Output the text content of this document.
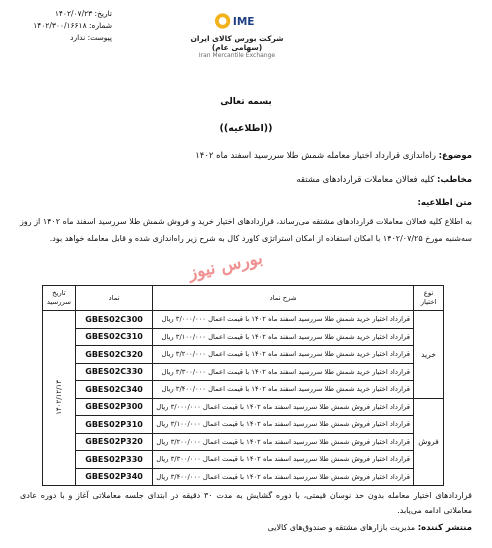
تاریخ: ۱۴۰۲/۰۷/۲۳
شماره: ۱۴۰۲/۳۰۰/۱۶۶۱۸
پیوست: ندارد
IME
شرکت بورس کالای ایران (سهامی عام)
Iran Mercantile Exchange
بسمه تعالی
((اطلاعیه))
موضوع: راه‌اندازی قرارداد اختیار معامله شمش طلا سررسید اسفند ماه ۱۴۰۲
مخاطب: کلیه فعالان معاملات قراردادهای مشتقه
متن اطلاعیه:
به اطلاع کلیه فعالان معاملات قراردادهای مشتقه می‌رساند، قراردادهای اختیار خرید و فروش شمش طلا سررسید اسفند ماه ۱۴۰۲ از روز سه‌شنبه مورخ ۱۴۰۲/۰۷/۲۵ با امکان استفاده از امکان استراتژی کاورد کال به شرح زیر راه‌اندازی شده و قابل معامله خواهد بود.
بورس نیوز
نوع اختیار	شرح نماد	نماد	تاریخ سررسید
خرید	قرارداد اختیار خرید شمش طلا سررسید اسفند ماه ۱۴۰۲ با قیمت اعمال ۳/۰۰۰/۰۰۰ ریال	GBES02C300	۱۴۰۲/۱۲/۱۳
	قرارداد اختیار خرید شمش طلا سررسید اسفند ماه ۱۴۰۲ با قیمت اعمال ۳/۱۰۰/۰۰۰ ریال	GBES02C310	
	قرارداد اختیار خرید شمش طلا سررسید اسفند ماه ۱۴۰۲ با قیمت اعمال ۳/۲۰۰/۰۰۰ ریال	GBES02C320	
	قرارداد اختیار خرید شمش طلا سررسید اسفند ماه ۱۴۰۲ با قیمت اعمال ۳/۳۰۰/۰۰۰ ریال	GBES02C330	
	قرارداد اختیار خرید شمش طلا سررسید اسفند ماه ۱۴۰۲ با قیمت اعمال ۳/۴۰۰/۰۰۰ ریال	GBES02C340	
فروش	قرارداد اختیار فروش شمش طلا سررسید اسفند ماه ۱۴۰۲ با قیمت اعمال ۳/۰۰۰/۰۰۰ ریال	GBES02P300	
	قرارداد اختیار فروش شمش طلا سررسید اسفند ماه ۱۴۰۲ با قیمت اعمال ۳/۱۰۰/۰۰۰ ریال	GBES02P310	
	قرارداد اختیار فروش شمش طلا سررسید اسفند ماه ۱۴۰۲ با قیمت اعمال ۳/۲۰۰/۰۰۰ ریال	GBES02P320	
	قرارداد اختیار فروش شمش طلا سررسید اسفند ماه ۱۴۰۲ با قیمت اعمال ۳/۳۰۰/۰۰۰ ریال	GBES02P330	
	قرارداد اختیار فروش شمش طلا سررسید اسفند ماه ۱۴۰۲ با قیمت اعمال ۳/۴۰۰/۰۰۰ ریال	GBES02P340	
قراردادهای اختیار معامله بدون حد نوسان قیمتی، با دوره گشایش به مدت ۳۰ دقیقه در ابتدای جلسه معاملاتی آغاز و با دوره عادی معاملاتی ادامه می‌یابد.
منتشر کننده: مدیریت بازارهای مشتقه و صندوق‌های کالایی
